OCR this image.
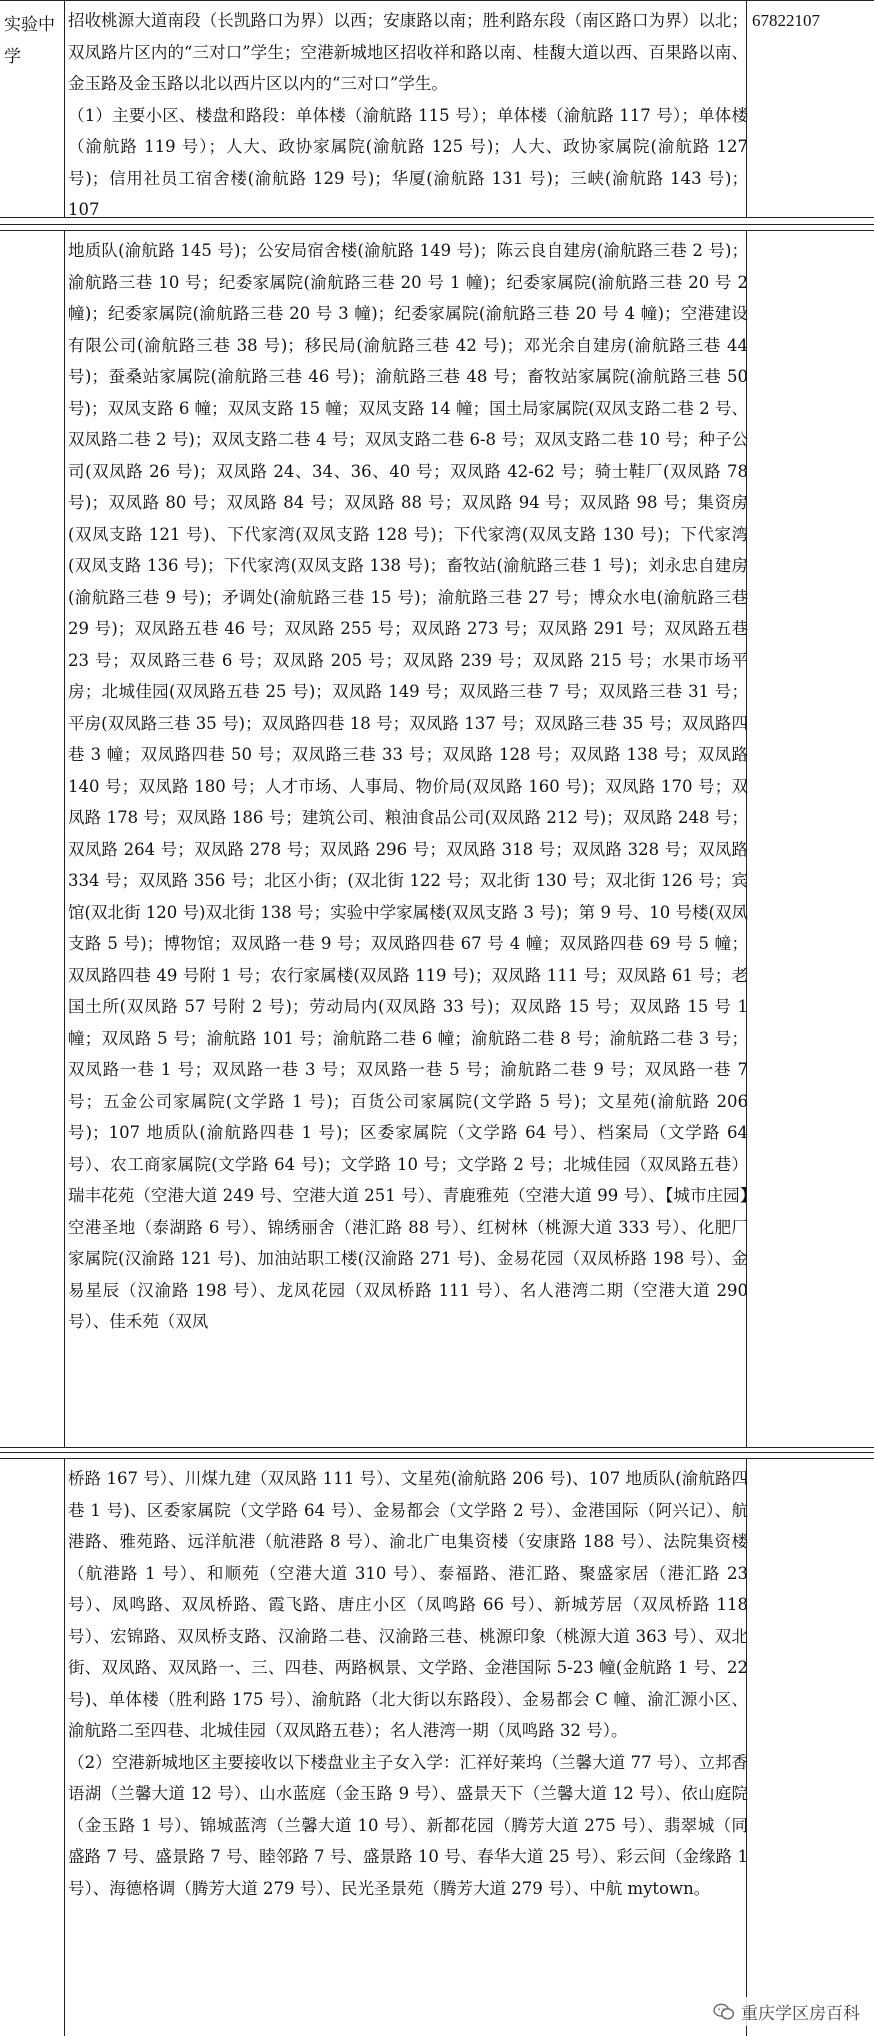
实验中学
招收桃源大道南段（长凯路口为界）以西；安康路以南；胜利路东段（南区路口为界）以北；双凤路片区内的“三对口”学生；空港新城地区招收祥和路以南、桂馥大道以西、百果路以南、金玉路及金玉路以北以西片区以内的“三对口”学生。
（1）主要小区、楼盘和路段：单体楼（渝航路 115 号）；单体楼（渝航路 117 号）；单体楼（渝航路 119 号）；人大、政协家属院(渝航路 125 号)；人大、政协家属院(渝航路 127 号)；信用社员工宿舍楼(渝航路 129 号)；华厦(渝航路 131 号)；三峡(渝航路 143 号)；107
67822107
地质队(渝航路 145 号)；公安局宿舍楼(渝航路 149 号)；陈云良自建房(渝航路三巷 2 号)；渝航路三巷 10 号；纪委家属院(渝航路三巷 20 号 1 幢)；纪委家属院(渝航路三巷 20 号 2 幢)；纪委家属院(渝航路三巷 20 号 3 幢)；纪委家属院(渝航路三巷 20 号 4 幢)；空港建设有限公司(渝航路三巷 38 号)；移民局(渝航路三巷 42 号)；邓光余自建房(渝航路三巷 44 号)；蚕桑站家属院(渝航路三巷 46 号)；渝航路三巷 48 号；畜牧站家属院(渝航路三巷 50 号)；双凤支路 6 幢；双凤支路 15 幢；双凤支路 14 幢；国土局家属院(双凤支路二巷 2 号、双凤路二巷 2 号)；双凤支路二巷 4 号；双凤支路二巷 6-8 号；双凤支路二巷 10 号；种子公司(双凤路 26 号)；双凤路 24、34、36、40 号；双凤路 42-62 号；骑士鞋厂(双凤路 78 号)；双凤路 80 号；双凤路 84 号；双凤路 88 号；双凤路 94 号；双凤路 98 号；集资房(双凤支路 121 号)、下代家湾(双凤支路 128 号)；下代家湾(双凤支路 130 号)；下代家湾(双凤支路 136 号)；下代家湾(双凤支路 138 号)；畜牧站(渝航路三巷 1 号)；刘永忠自建房(渝航路三巷 9 号)；矛调处(渝航路三巷 15 号)；渝航路三巷 27 号；博众水电(渝航路三巷 29 号)；双凤路五巷 46 号；双凤路 255 号；双凤路 273 号；双凤路 291 号；双凤路五巷 23 号；双凤路三巷 6 号；双凤路 205 号；双凤路 239 号；双凤路 215 号；水果市场平房；北城佳园(双凤路五巷 25 号)；双凤路 149 号；双凤路三巷 7 号；双凤路三巷 31 号；平房(双凤路三巷 35 号)；双凤路四巷 18 号；双凤路 137 号；双凤路三巷 35 号；双凤路四巷 3 幢；双凤路四巷 50 号；双凤路三巷 33 号；双凤路 128 号；双凤路 138 号；双凤路 140 号；双凤路 180 号；人才市场、人事局、物价局(双凤路 160 号)；双凤路 170 号；双凤路 178 号；双凤路 186 号；建筑公司、粮油食品公司(双凤路 212 号)；双凤路 248 号；双凤路 264 号；双凤路 278 号；双凤路 296 号；双凤路 318 号；双凤路 328 号；双凤路 334 号；双凤路 356 号；北区小街；(双北街 122 号；双北街 130 号；双北街 126 号；宾馆(双北街 120 号)双北街 138 号；实验中学家属楼(双凤支路 3 号)；第 9 号、10 号楼(双凤支路 5 号)；博物馆；双凤路一巷 9 号；双凤路四巷 67 号 4 幢；双凤路四巷 69 号 5 幢；双凤路四巷 49 号附 1 号；农行家属楼(双凤路 119 号)；双凤路 111 号；双凤路 61 号；老国土所(双凤路 57 号附 2 号)；劳动局内(双凤路 33 号)；双凤路 15 号；双凤路 15 号 1 幢；双凤路 5 号；渝航路 101 号；渝航路二巷 6 幢；渝航路二巷 8 号；渝航路二巷 3 号；双凤路一巷 1 号；双凤路一巷 3 号；双凤路一巷 5 号；渝航路二巷 9 号；双凤路一巷 7 号；五金公司家属院(文学路 1 号)；百货公司家属院(文学路 5 号)；文星苑(渝航路 206 号)；107 地质队(渝航路四巷 1 号)；区委家属院（文学路 64 号）、档案局（文学路 64 号）、农工商家属院(文学路 64 号)；文学路 10 号；文学路 2 号；北城佳园（双凤路五巷）瑞丰花苑（空港大道 249 号、空港大道 251 号）、青鹿雅苑（空港大道 99 号）、【城市庄园】空港圣地（泰湖路 6 号）、锦绣丽舍（港汇路 88 号）、红树林（桃源大道 333 号）、化肥厂家属院(汉渝路 121 号)、加油站职工楼(汉渝路 271 号)、金易花园（双凤桥路 198 号）、金易星辰（汉渝路 198 号）、龙凤花园（双凤桥路 111 号）、名人港湾二期（空港大道 290 号）、佳禾苑（双凤
桥路 167 号）、川煤九建（双凤路 111 号）、文星苑(渝航路 206 号)、107 地质队(渝航路四巷 1 号)、区委家属院（文学路 64 号）、金易都会（文学路 2 号）、金港国际（阿兴记）、航港路、雅苑路、远洋航港（航港路 8 号）、渝北广电集资楼（安康路 188 号）、法院集资楼（航港路 1 号）、和顺苑（空港大道 310 号）、泰福路、港汇路、聚盛家居（港汇路 23 号）、凤鸣路、双凤桥路、霞飞路、唐庄小区（凤鸣路 66 号）、新城芳居（双凤桥路 118 号）、宏锦路、双凤桥支路、汉渝路二巷、汉渝路三巷、桃源印象（桃源大道 363 号）、双北街、双凤路、双凤路一、三、四巷、两路枫景、文学路、金港国际 5-23 幢(金航路 1 号、22 号)、单体楼（胜利路 175 号）、渝航路（北大街以东路段）、金易都会 C 幢、渝汇源小区、渝航路二至四巷、北城佳园（双凤路五巷）；名人港湾一期（凤鸣路 32 号）。
（2）空港新城地区主要接收以下楼盘业主子女入学：汇祥好莱坞（兰馨大道 77 号）、立邦香语湖（兰馨大道 12 号）、山水蓝庭（金玉路 9 号）、盛景天下（兰馨大道 12 号）、依山庭院（金玉路 1 号）、锦城蓝湾（兰馨大道 10 号）、新都花园（腾芳大道 275 号）、翡翠城（同盛路 7 号、盛景路 7 号、睦邻路 7 号、盛景路 10 号、春华大道 25 号）、彩云间（金缘路 1 号）、海德格调（腾芳大道 279 号）、民光圣景苑（腾芳大道 279 号）、中航 mytown。
重庆学区房百科
